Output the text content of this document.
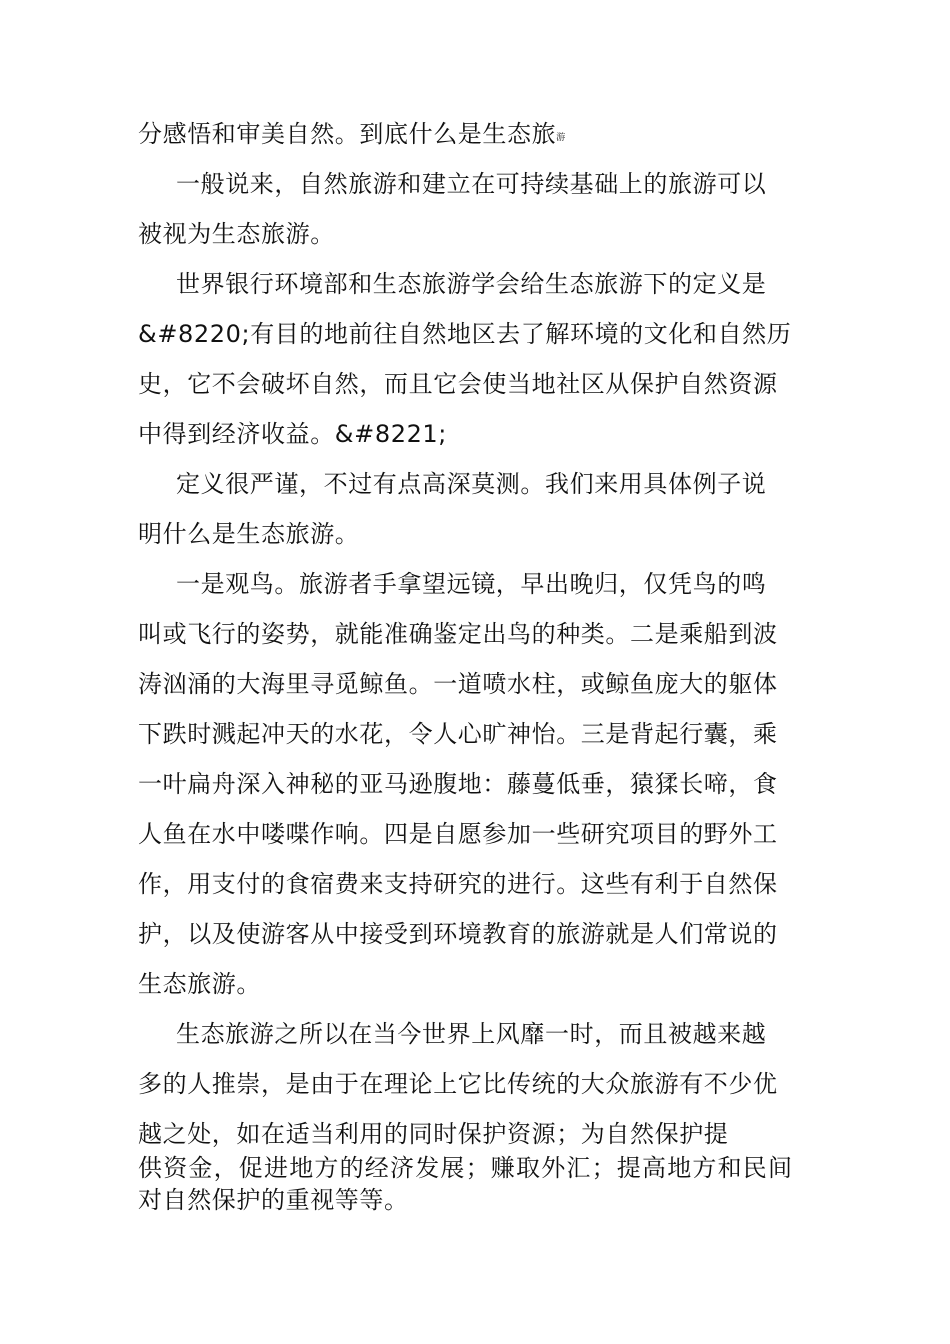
分感悟和审美自然。到底什么是生态旅游
一般说来，自然旅游和建立在可持续基础上的旅游可以
被视为生态旅游。
世界银行环境部和生态旅游学会给生态旅游下的定义是
&#8220;有目的地前往自然地区去了解环境的文化和自然历
史，它不会破坏自然，而且它会使当地社区从保护自然资源
中得到经济收益。&#8221;
定义很严谨，不过有点高深莫测。我们来用具体例子说
明什么是生态旅游。
一是观鸟。旅游者手拿望远镜，早出晚归，仅凭鸟的鸣
叫或飞行的姿势，就能准确鉴定出鸟的种类。二是乘船到波
涛汹涌的大海里寻觅鲸鱼。一道喷水柱，或鲸鱼庞大的躯体
下跌时溅起冲天的水花，令人心旷神怡。三是背起行囊，乘
一叶扁舟深入神秘的亚马逊腹地：藤蔓低垂，猿猱长啼，食
人鱼在水中喽喋作响。四是自愿参加一些研究项目的野外工
作，用支付的食宿费来支持研究的进行。这些有利于自然保
护，以及使游客从中接受到环境教育的旅游就是人们常说的
生态旅游。
生态旅游之所以在当今世界上风靡一时，而且被越来越
多的人推崇，是由于在理论上它比传统的大众旅游有不少优
越之处，如在适当利用的同时保护资源；为自然保护提
供资金，促进地方的经济发展；赚取外汇；提高地方和民间
对自然保护的重视等等。
